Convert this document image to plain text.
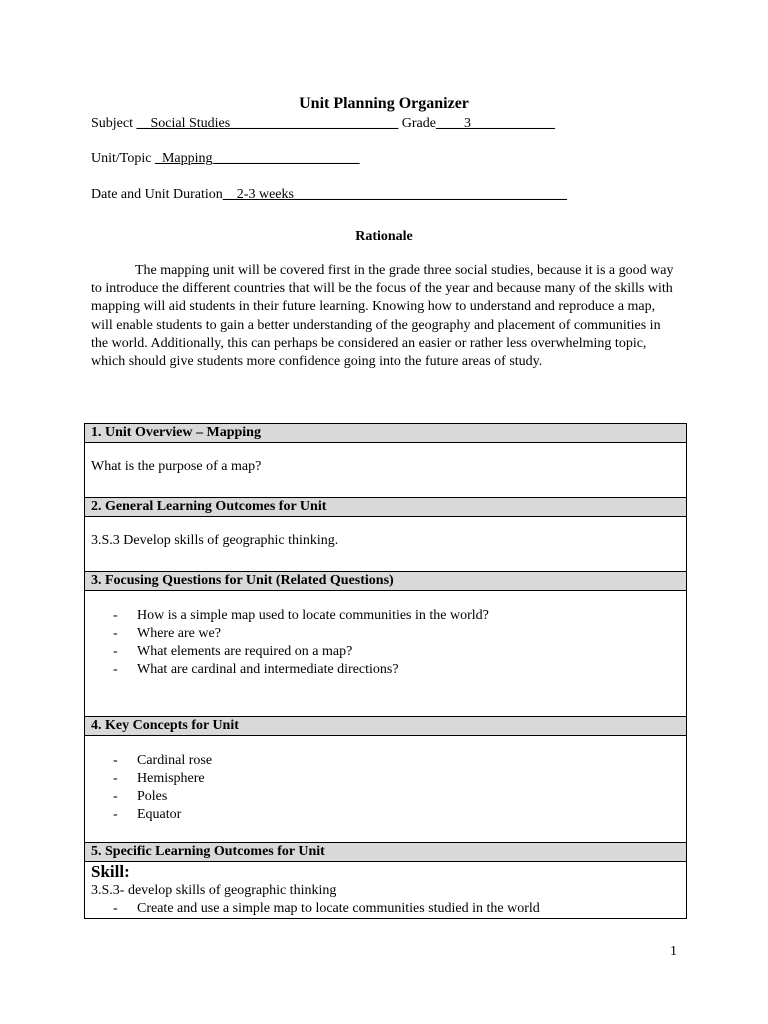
Unit Planning Organizer
Subject __Social Studies________________________ Grade____3____________
Unit/Topic _Mapping_____________________
Date and Unit Duration__2-3 weeks_______________________________________
Rationale

The mapping unit will be covered first in the grade three social studies, because it is a good way to introduce the different countries that will be the focus of the year and because many of the skills with mapping will aid students in their future learning. Knowing how to understand and reproduce a map, will enable students to gain a better understanding of the geography and placement of communities in the world. Additionally, this can perhaps be considered an easier or rather less overwhelming topic, which should give students more confidence going into the future areas of study.

1. Unit Overview – Mapping

What is the purpose of a map?

2. General Learning Outcomes for Unit

3.S.3 Develop skills of geographic thinking.

3. Focusing Questions for Unit (Related Questions)

- How is a simple map used to locate communities in the world?
- Where are we?
- What elements are required on a map?
- What are cardinal and intermediate directions?

4. Key Concepts for Unit

- Cardinal rose
- Hemisphere
- Poles
- Equator

5. Specific Learning Outcomes for Unit

Skill:
3.S.3- develop skills of geographic thinking
- Create and use a simple map to locate communities studied in the world
1
